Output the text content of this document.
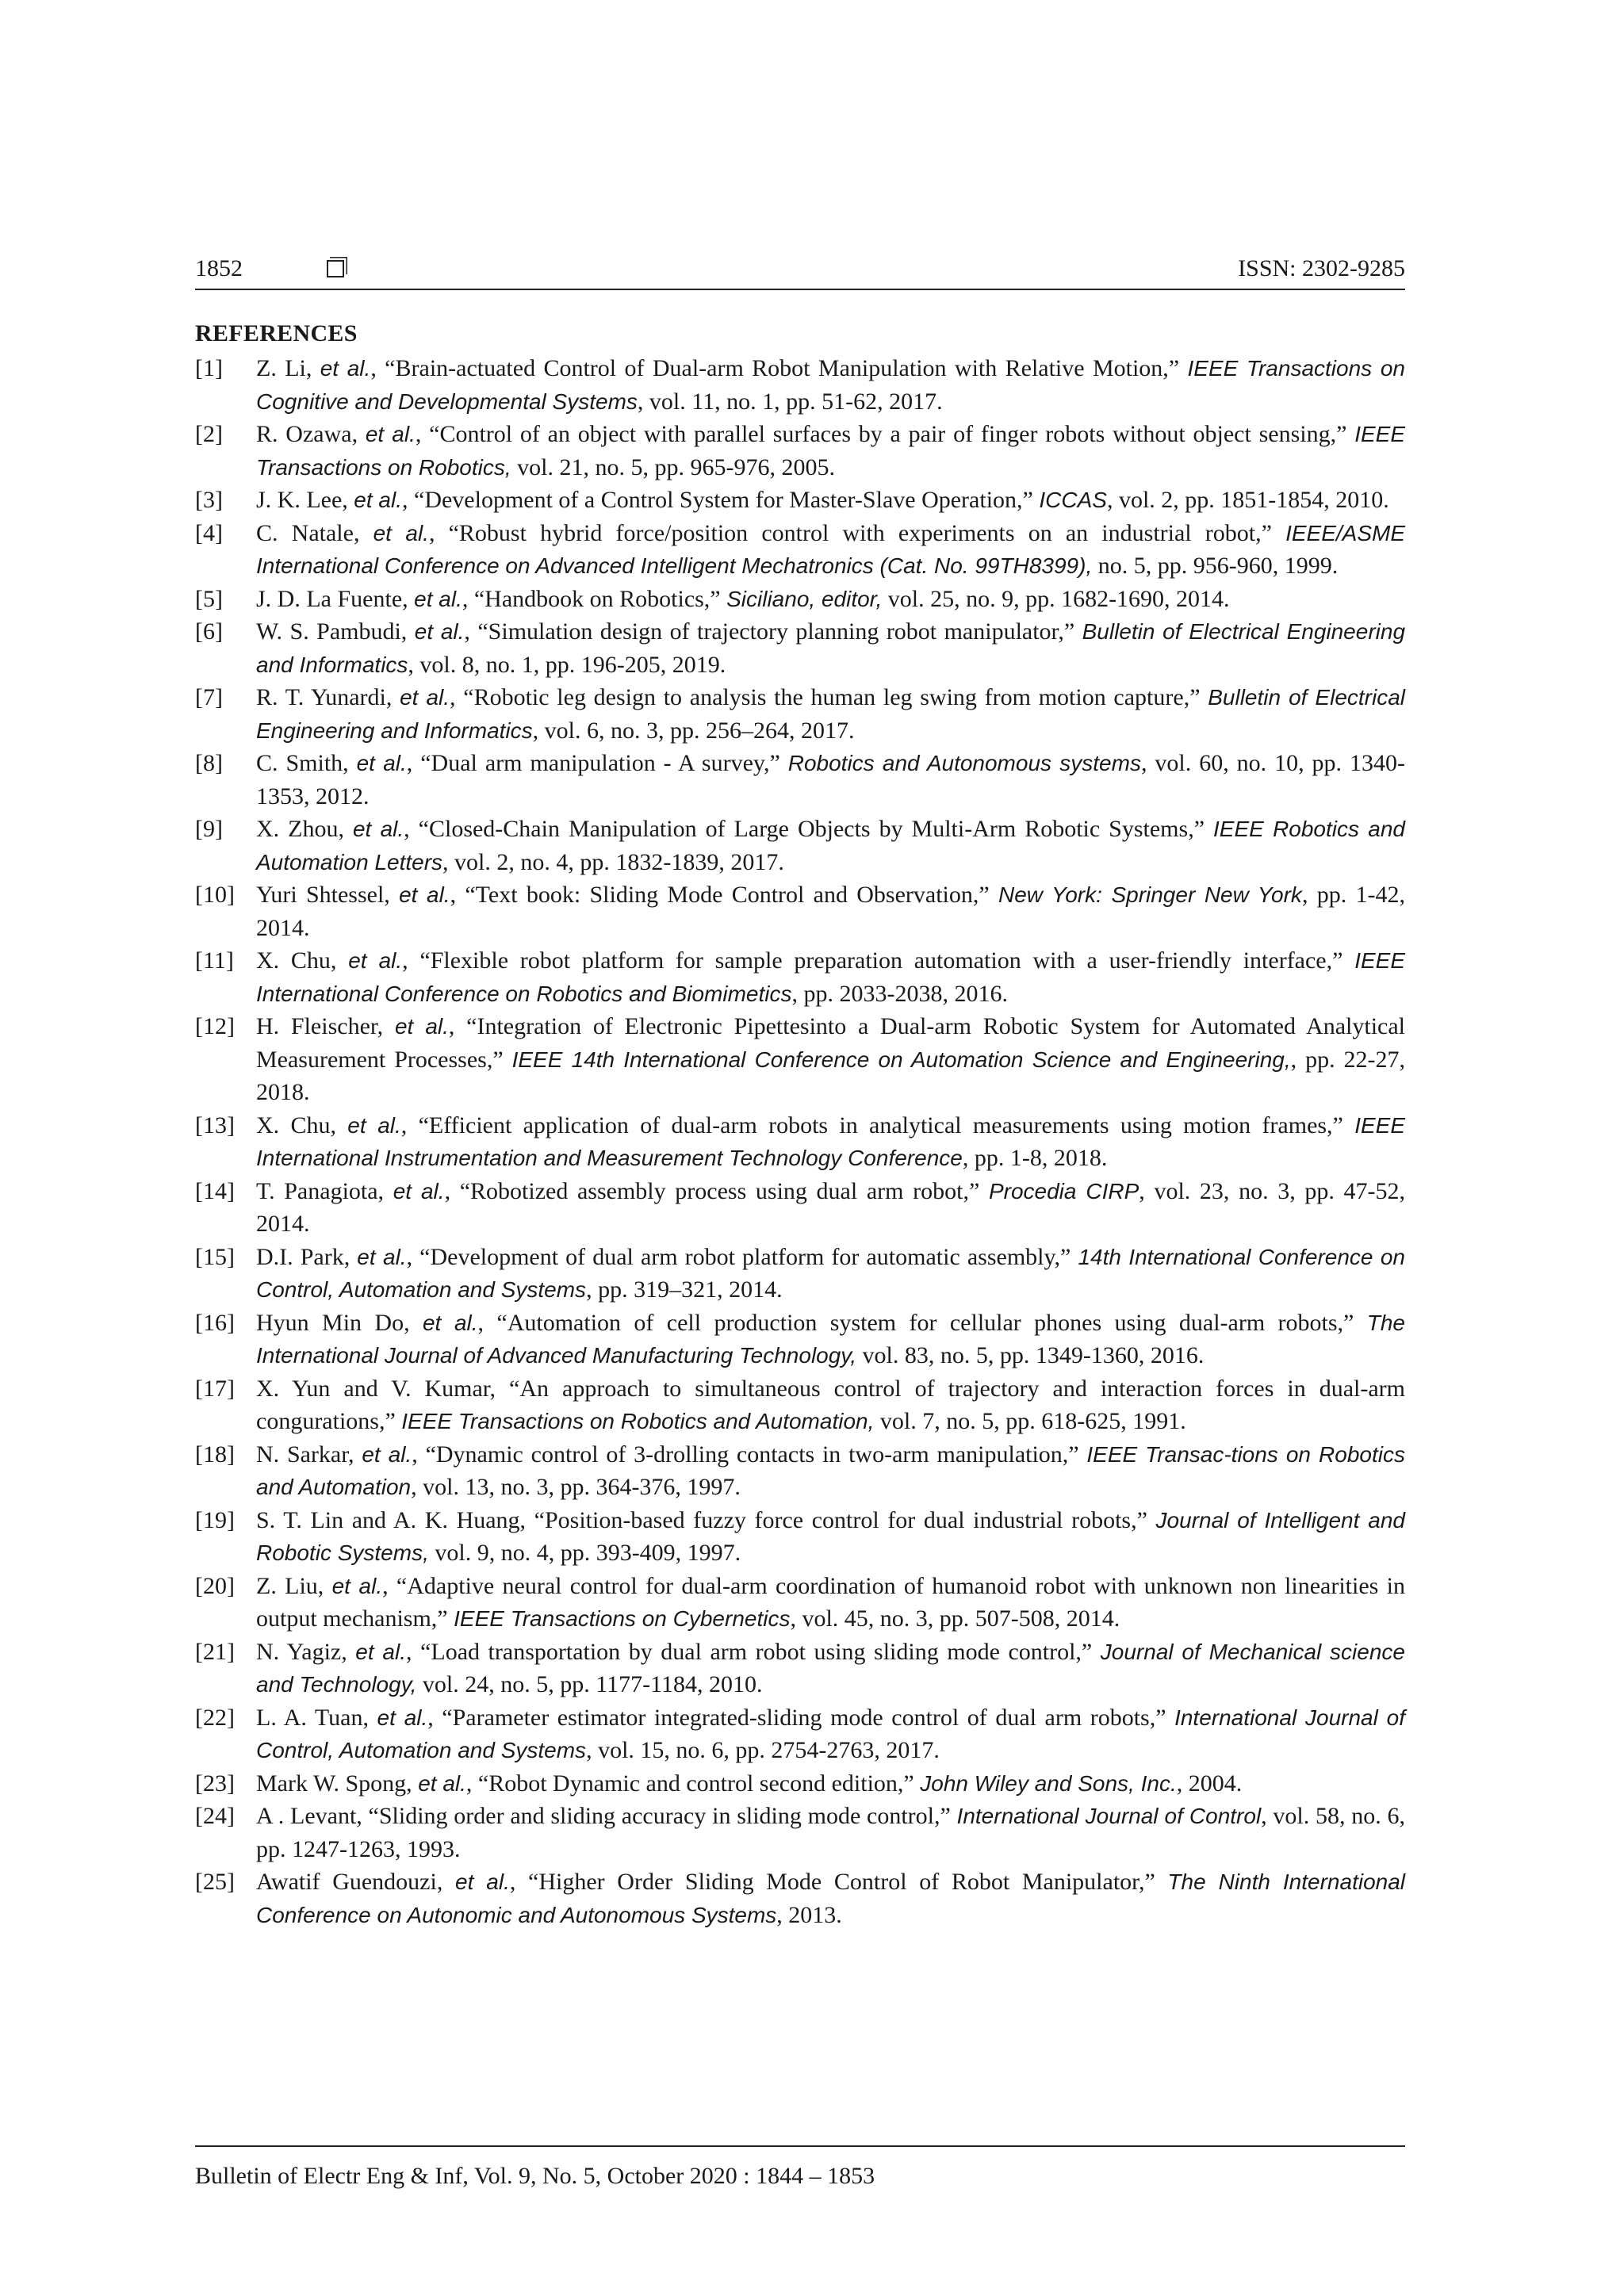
1852	ISSN: 2302-9285
REFERENCES
[1] Z. Li, et al., “Brain-actuated Control of Dual-arm Robot Manipulation with Relative Motion,” IEEE Transactions on Cognitive and Developmental Systems, vol. 11, no. 1, pp. 51-62, 2017.
[2] R. Ozawa, et al., “Control of an object with parallel surfaces by a pair of finger robots without object sensing,” IEEE Transactions on Robotics, vol. 21, no. 5, pp. 965-976, 2005.
[3] J. K. Lee, et al., “Development of a Control System for Master-Slave Operation,” ICCAS, vol. 2, pp. 1851-1854, 2010.
[4] C. Natale, et al., “Robust hybrid force/position control with experiments on an industrial robot,” IEEE/ASME International Conference on Advanced Intelligent Mechatronics (Cat. No. 99TH8399), no. 5, pp. 956-960, 1999.
[5] J. D. La Fuente, et al., “Handbook on Robotics,” Siciliano, editor, vol. 25, no. 9, pp. 1682-1690, 2014.
[6] W. S. Pambudi, et al., “Simulation design of trajectory planning robot manipulator,” Bulletin of Electrical Engineering and Informatics, vol. 8, no. 1, pp. 196-205, 2019.
[7] R. T. Yunardi, et al., “Robotic leg design to analysis the human leg swing from motion capture,” Bulletin of Electrical Engineering and Informatics, vol. 6, no. 3, pp. 256–264, 2017.
[8] C. Smith, et al., “Dual arm manipulation - A survey,” Robotics and Autonomous systems, vol. 60, no. 10, pp. 1340-1353, 2012.
[9] X. Zhou, et al., “Closed-Chain Manipulation of Large Objects by Multi-Arm Robotic Systems,” IEEE Robotics and Automation Letters, vol. 2, no. 4, pp. 1832-1839, 2017.
[10] Yuri Shtessel, et al., “Text book: Sliding Mode Control and Observation,” New York: Springer New York, pp. 1-42, 2014.
[11] X. Chu, et al., “Flexible robot platform for sample preparation automation with a user-friendly interface,” IEEE International Conference on Robotics and Biomimetics, pp. 2033-2038, 2016.
[12] H. Fleischer, et al., “Integration of Electronic Pipettesinto a Dual-arm Robotic System for Automated Analytical Measurement Processes,” IEEE 14th International Conference on Automation Science and Engineering,, pp. 22-27, 2018.
[13] X. Chu, et al., “Efficient application of dual-arm robots in analytical measurements using motion frames,” IEEE International Instrumentation and Measurement Technology Conference, pp. 1-8, 2018.
[14] T. Panagiota, et al., “Robotized assembly process using dual arm robot,” Procedia CIRP, vol. 23, no. 3, pp. 47-52, 2014.
[15] D.I. Park, et al., “Development of dual arm robot platform for automatic assembly,” 14th International Conference on Control, Automation and Systems, pp. 319–321, 2014.
[16] Hyun Min Do, et al., “Automation of cell production system for cellular phones using dual-arm robots,” The International Journal of Advanced Manufacturing Technology, vol. 83, no. 5, pp. 1349-1360, 2016.
[17] X. Yun and V. Kumar, “An approach to simultaneous control of trajectory and interaction forces in dual-arm congurations,” IEEE Transactions on Robotics and Automation, vol. 7, no. 5, pp. 618-625, 1991.
[18] N. Sarkar, et al., “Dynamic control of 3-drolling contacts in two-arm manipulation,” IEEE Transac-tions on Robotics and Automation, vol. 13, no. 3, pp. 364-376, 1997.
[19] S. T. Lin and A. K. Huang, “Position-based fuzzy force control for dual industrial robots,” Journal of Intelligent and Robotic Systems, vol. 9, no. 4, pp. 393-409, 1997.
[20] Z. Liu, et al., “Adaptive neural control for dual-arm coordination of humanoid robot with unknown non linearities in output mechanism,” IEEE Transactions on Cybernetics, vol. 45, no. 3, pp. 507-508, 2014.
[21] N. Yagiz, et al., “Load transportation by dual arm robot using sliding mode control,” Journal of Mechanical science and Technology, vol. 24, no. 5, pp. 1177-1184, 2010.
[22] L. A. Tuan, et al., “Parameter estimator integrated-sliding mode control of dual arm robots,” International Journal of Control, Automation and Systems, vol. 15, no. 6, pp. 2754-2763, 2017.
[23] Mark W. Spong, et al., “Robot Dynamic and control second edition,” John Wiley and Sons, Inc., 2004.
[24] A . Levant, “Sliding order and sliding accuracy in sliding mode control,” International Journal of Control, vol. 58, no. 6, pp. 1247-1263, 1993.
[25] Awatif Guendouzi, et al., “Higher Order Sliding Mode Control of Robot Manipulator,” The Ninth International Conference on Autonomic and Autonomous Systems, 2013.
Bulletin of Electr Eng & Inf, Vol. 9, No. 5, October 2020 : 1844 – 1853
